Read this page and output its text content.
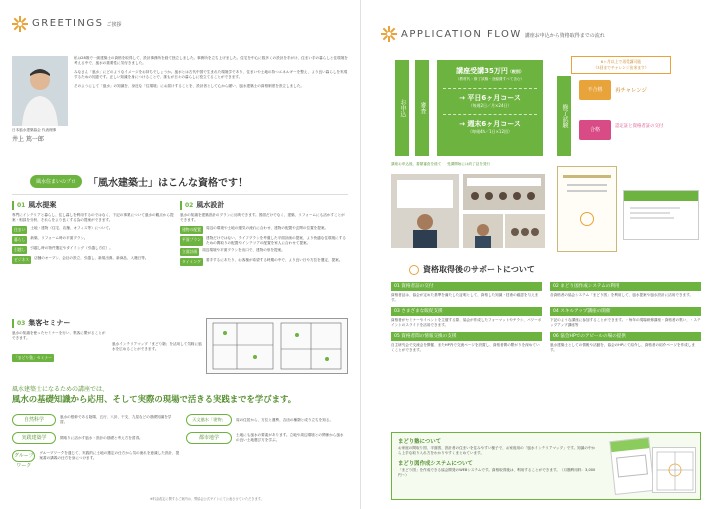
GREETINGS ご挨拶
日本風水建築協会 代表理事
井上 篤一郎

私は28歳で一級建築士の資格を取得して、設計事務所を経て独立しました。事務所を立ち上げました。住宅を中心に数多くの設計を手がけ、住まい手の暮らしと住環境を考える中で、風水の重要性に気付きました。

みなさん「風水」にどのようなイメージをお持ちでしょうか。風水とは古代中国で生まれた環境学であり、住まいや土地の持つエネルギーを整え、より良い暮らしを実現するための知恵です。正しい知識を身につけることで、誰もが日々の暮らしに役立てることができます。

そのようにして「風水」の知識を、身近な「住環境」にお届けすることを、設計者として心から願い、風水建築士の資格制度を設立しました。

風水住まいのプロ	「風水建築士」はこんな資格です！
01 風水提案

専門にインテリアと暮らし、住し暮しを利用するのではなく、下記の事業について風水の観点から提案・相談を分析、それらをより良くする為の提案ができます。

住まい	土地・建物（住宅、店舗、オフィス等）について。
暮らし	新築、リフォーム時の平面プラン。
引越し	引越し時の物件選定やタイミング（引越し方位）。
ビジネス	店舗のオープン、会社の設立、引越し、新規出典、新商品、入籍日等。
02 風水設計

風水の知識を建築設計のプランに反映できます。図面だけでなく、建築、リフォームにも活かすことができます。

建物の配置	周辺の環境や土地の運気の流れに合わせ、建物の配置や玄関の位置を提案。
平面プラン	建物だけではない、ライフプランを考慮した平面計画の提案、より快適な住環境にするための間取りの配置やインテリアの配置を家人に合わせて提案。
立面計画	周辺環境や平面プランを出口で、建物の形を提案。
タイミング	着手するにあたり、お客様が希望する時期の中で、より良い日や方位を選定、提案。
03 集客セミナー

風水の知識を使ったセミナーを行い、集客に繋がることができます。

「まどり塾」セミナー
風水インテリアマップ「まどり塾」を活用して気軽に風水を広めることができます。
風水建築士になるための講座では、
風水の基礎知識から応用、そして実際の現場で活きる実践までを学びます。
自然科学	風水の根幹である陰陽、五行、八卦、干支、九星などの基礎知識を学習。
実践建築学	間取りに活かす風水・設計の基礎と考え方を習得。
グループワーク
グループワークを通じて、実践的に土地の選定の仕方から気の流れを意識した設計、提案書の講義の仕方を身につけます。
天文風水「建物」	周の住居から、方位と運勢、吉凶の種類と成り立ちを知る。
都市地学	土地にも風水の要素があります。立地や周辺環境との関係から風水の良い土地選び方を学ぶ。
※料金改定に関するご案内は、弊協会公式サイトにて公表させていただきます。
APPLICATION FLOW 講座お申込から資格取得までの流れ
お申込	審査
講座受講35万円（税別）
（教材代・修了試験・登録費すべて含む）
→ 平日6ヶ月コース
（毎週2日／月×24日）
→ 週末6ヶ月コース
（毎週4h／1日×12回）
修了試験
6ヶ月以上で再受講可能
（3回までチャレンジ出来ます）
不合格	再チャレンジ
合格
認定証と資格者証の交付
講座お申込後、書類審査を経て	受講開始には終了証を発行
資格取得後のサポートについて
01 資格者証の交付

資格者証は、協会が定めた基準を満たした証明として、資格した知識・技術の確認を与えます。

02 まどり図作成システムの利用

各資格者の協会システム「まどり図」を利用して、風水提案や風水設計に活用できます。

03 さまざまな販促支援

資格者がセミナーやイベントを主催する際、協会が作成したフォーマットやチラシ、パワーポイントのスライドを活用できます。

04 スキルアップ講座の開催

下記のような講座に参加することができます。・毎年の現場研修講座・資格者の集い、・ステップアップ講座等

05 資格者間の情報交換の支援

自主研究会で交流会を開催、またHP内で交流ページを設置し、資格者間の繋がりを深めていくことができます。

06 協会HPでのアピールの場の提供

風水建築士としての情報や活動を、協会のHPにて紹介し、資格者の紹介ページを作成します。

まどり塾について

お家庭の間取り図、平面図、設計者の住まいを住みやすい様子で、お家庭用の「風水インテリアマップ」です。知識の中から上手な取り入れ方をわかりやすくまとめています。

まどり図作成システムについて

「まどり図」を作成できる協会開発のWEBシステムです。資格取得後は、利用することができます。（月額利用料：3,000円〜）
